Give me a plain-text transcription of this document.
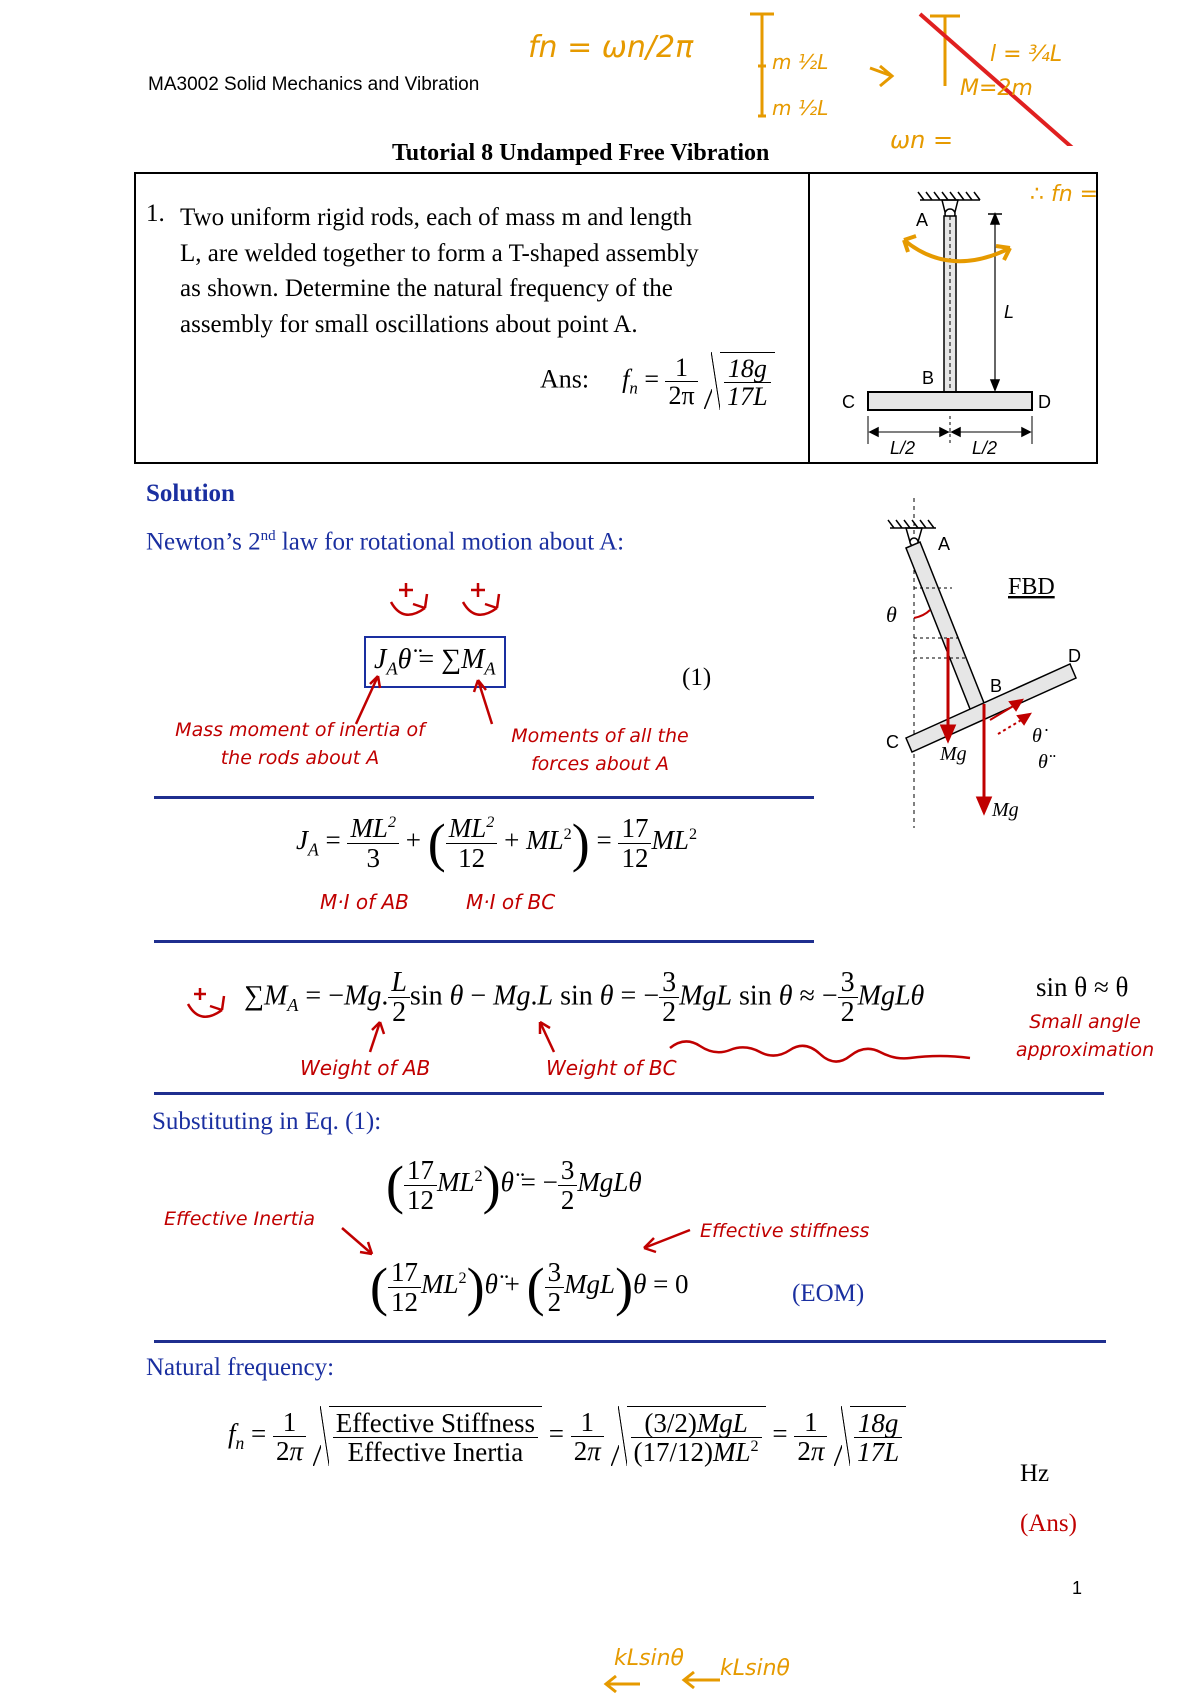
MA3002 Solid Mechanics and Vibration
Tutorial 8 Undamped Free Vibration
1. Two uniform rigid rods, each of mass m and length
L, are welded together to form a T-shaped assembly
as shown. Determine the natural frequency of the
assembly for small oscillations about point A.
Ans: $f_n = \frac{1}{2\pi}$
$\frac{18g}{17L}$
A
B
C	D
L
L/2	L/2
Solution
Newton’s 2nd law for rotational motion about A:
$J_A\thetä = \sum M_A$	(1)
Mass moment of inertia of
the rods about A
Moments of all the
forces about A
$J_A = \frac{ML^2}{3}$ + ( $\frac{ML^2}{12} + ML^2) = \frac{17}{12} ML^2$
M·I of AB	M·I of BC
$\sum M_A = -Mg$. $\frac{L}{2}$ sin θ − Mg.L sin θ = − $\frac{3}{2}$ MgL sin θ ≈ − $\frac{3}{2}$ MgLθ	sin θ ≈ θ
Small angle
approximation
Weight of AB	Weight of BC
Substituting in Eq. (1):
( $\frac{17}{12}$ $ML^2)\thetä$ = − $\frac{3}{2}$ MgLθ
Effective Inertia
Effective stiffness
( $\frac{17}{12}$ $ML^2)\thetä$ + ( $\frac{3}{2} MgL)\theta = 0$	(EOM)
Natural frequency:
$f_n = \frac{1}{2\pi}$
$\frac{\text{Effective Stiffness}}{\text{Effective Inertia}} = \frac{1}{2\pi}$
$\frac{\text{(3/2)MgL}}{(17/12)ML^2} = \frac{1}{2\pi}$
$\frac{18g}{17L}$
Hz
(Ans)
1
A
B
C
D
θ
Mg
Mg
θ̇
θ̈
FBD
fn = ωn/2π	m ½L
m ½L
l = ¾L
M=2m
ωn =
∴ fn =
kLsinθ kLsinθ
